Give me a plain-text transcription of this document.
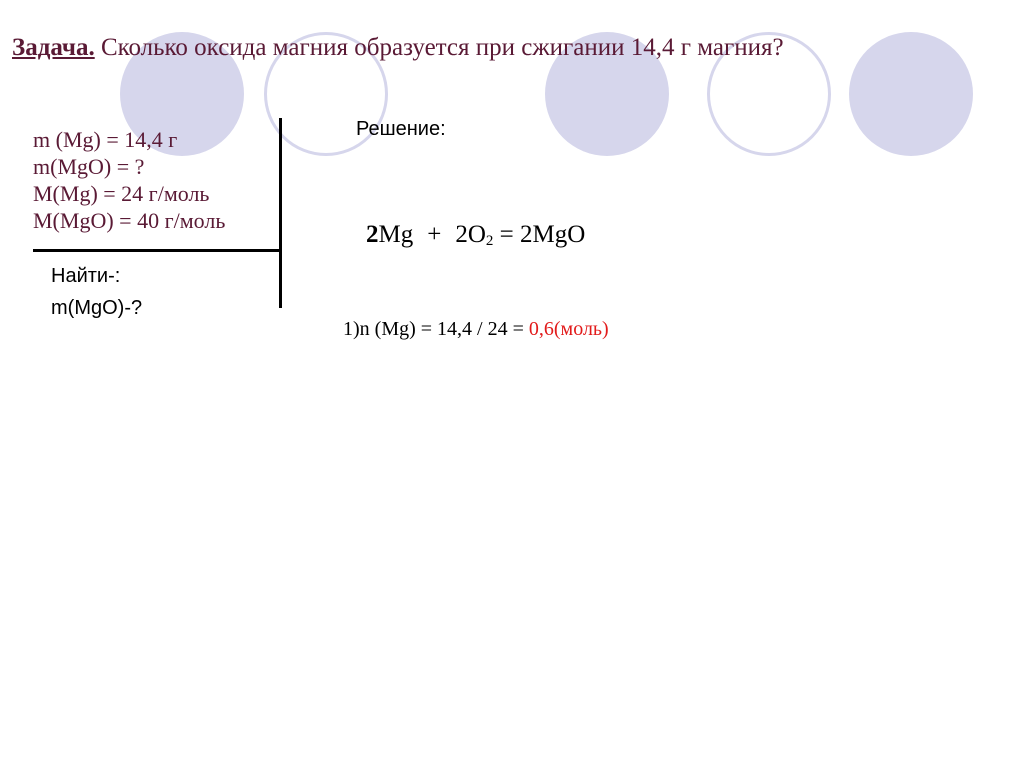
Задача. Сколько оксида магния образуется при сжигании 14,4 г магния?
m (Mg) = 14,4 г
m(MgO) = ?
M(Mg) = 24 г/моль
M(MgO) = 40 г/моль
Найти-:
m(MgO)-?
Решение:
$2Mg + 2O_2 = 2MgO$
1)n (Mg) = 14,4 / 24 = 0,6(моль)
